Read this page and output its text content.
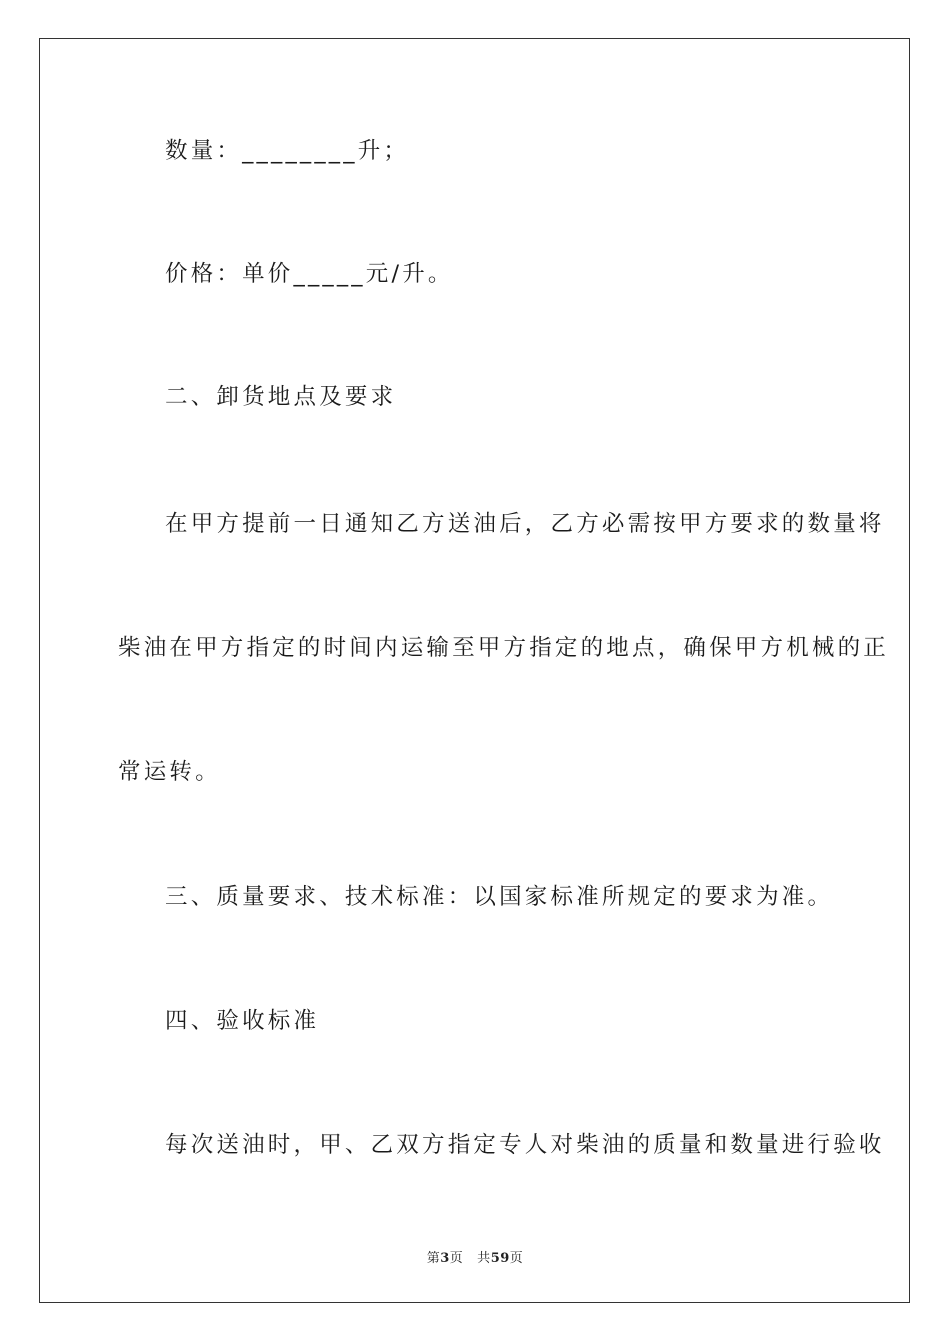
数量：________升；
价格：单价_____元/升。
二、卸货地点及要求
在甲方提前一日通知乙方送油后，乙方必需按甲方要求的数量将
柴油在甲方指定的时间内运输至甲方指定的地点，确保甲方机械的正
常运转。
三、质量要求、技术标准：以国家标准所规定的要求为准。
四、验收标准
每次送油时，甲、乙双方指定专人对柴油的质量和数量进行验收
第3页 共59页
